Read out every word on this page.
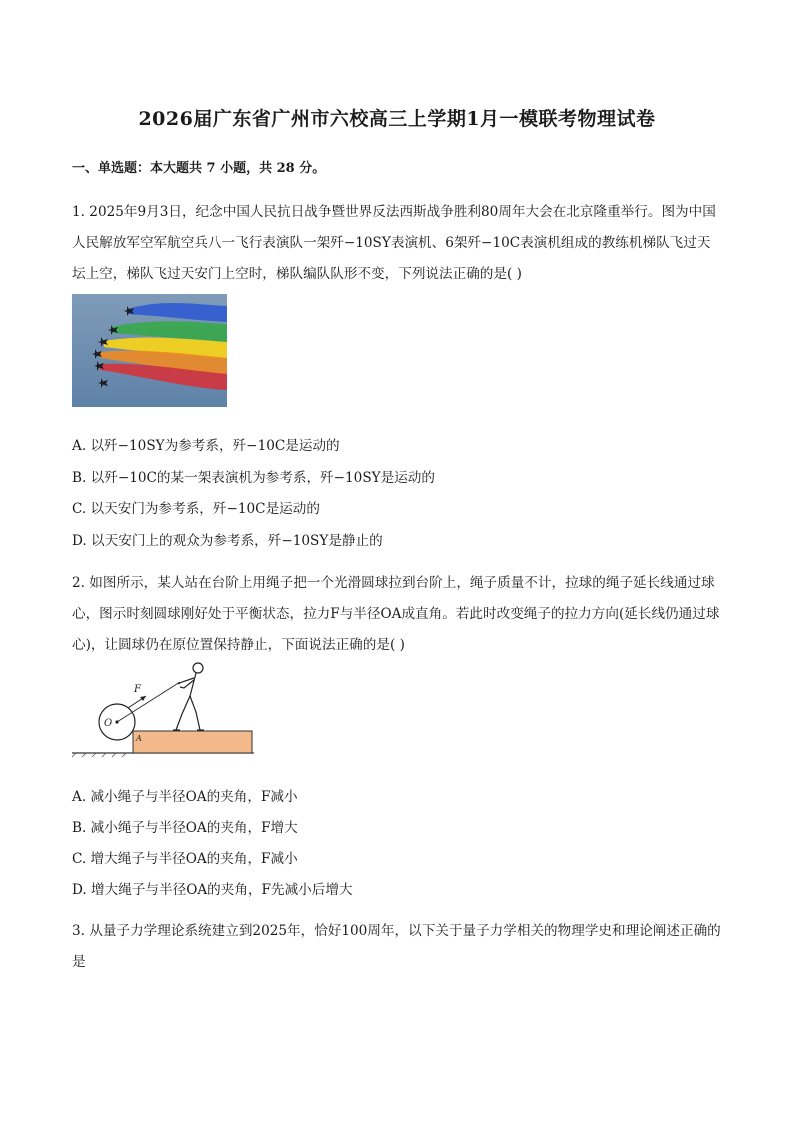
2026届广东省广州市六校高三上学期1月一模联考物理试卷
一、单选题：本大题共 7 小题，共 28 分。
1. 2025年9月3日，纪念中国人民抗日战争暨世界反法西斯战争胜利80周年大会在北京隆重举行。图为中国人民解放军空军航空兵八一飞行表演队一架歼−10SY表演机、6架歼−10C表演机组成的教练机梯队飞过天坛上空，梯队飞过天安门上空时，梯队编队队形不变，下列说法正确的是( )
A. 以歼−10SY为参考系，歼−10C是运动的
B. 以歼−10C的某一架表演机为参考系，歼−10SY是运动的
C. 以天安门为参考系，歼−10C是运动的
D. 以天安门上的观众为参考系，歼−10SY是静止的
2. 如图所示，某人站在台阶上用绳子把一个光滑圆球拉到台阶上，绳子质量不计，拉球的绳子延长线通过球心，图示时刻圆球刚好处于平衡状态，拉力F与半径OA成直角。若此时改变绳子的拉力方向(延长线仍通过球心)，让圆球仍在原位置保持静止，下面说法正确的是( )
O
A
F
A. 减小绳子与半径OA的夹角，F减小
B. 减小绳子与半径OA的夹角，F增大
C. 增大绳子与半径OA的夹角，F减小
D. 增大绳子与半径OA的夹角，F先减小后增大
3. 从量子力学理论系统建立到2025年，恰好100周年，以下关于量子力学相关的物理学史和理论阐述正确的是
